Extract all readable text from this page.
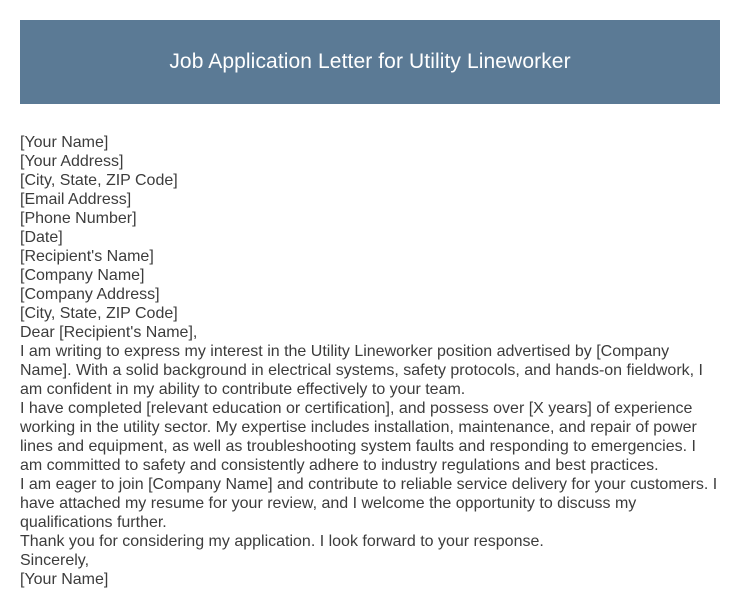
Job Application Letter for Utility Lineworker
[Your Name]
[Your Address]
[City, State, ZIP Code]
[Email Address]
[Phone Number]
[Date]
[Recipient's Name]
[Company Name]
[Company Address]
[City, State, ZIP Code]
Dear [Recipient's Name],
I am writing to express my interest in the Utility Lineworker position advertised by [Company Name]. With a solid background in electrical systems, safety protocols, and hands-on fieldwork, I am confident in my ability to contribute effectively to your team.
I have completed [relevant education or certification], and possess over [X years] of experience working in the utility sector. My expertise includes installation, maintenance, and repair of power lines and equipment, as well as troubleshooting system faults and responding to emergencies. I am committed to safety and consistently adhere to industry regulations and best practices.
I am eager to join [Company Name] and contribute to reliable service delivery for your customers. I have attached my resume for your review, and I welcome the opportunity to discuss my qualifications further.
Thank you for considering my application. I look forward to your response.
Sincerely,
[Your Name]
